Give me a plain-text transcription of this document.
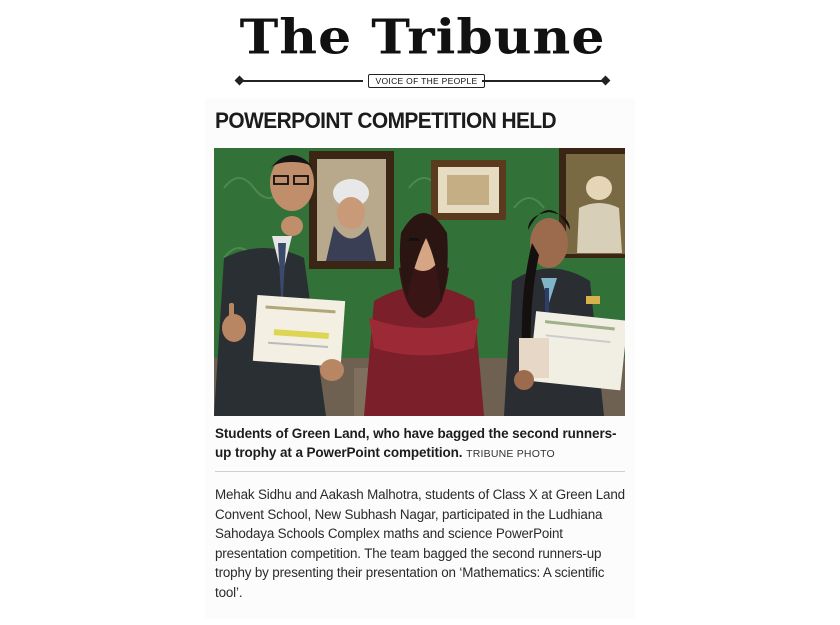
The Tribune
VOICE OF THE PEOPLE
POWERPOINT COMPETITION HELD
Students of Green Land, who have bagged the second runners-up trophy at a PowerPoint competition. TRIBUNE PHOTO
Mehak Sidhu and Aakash Malhotra, students of Class X at Green Land Convent School, New Subhash Nagar, participated in the Ludhiana Sahodaya Schools Complex maths and science PowerPoint presentation competition. The team bagged the second runners-up trophy by presenting their presentation on ‘Mathematics: A scientific tool’.
